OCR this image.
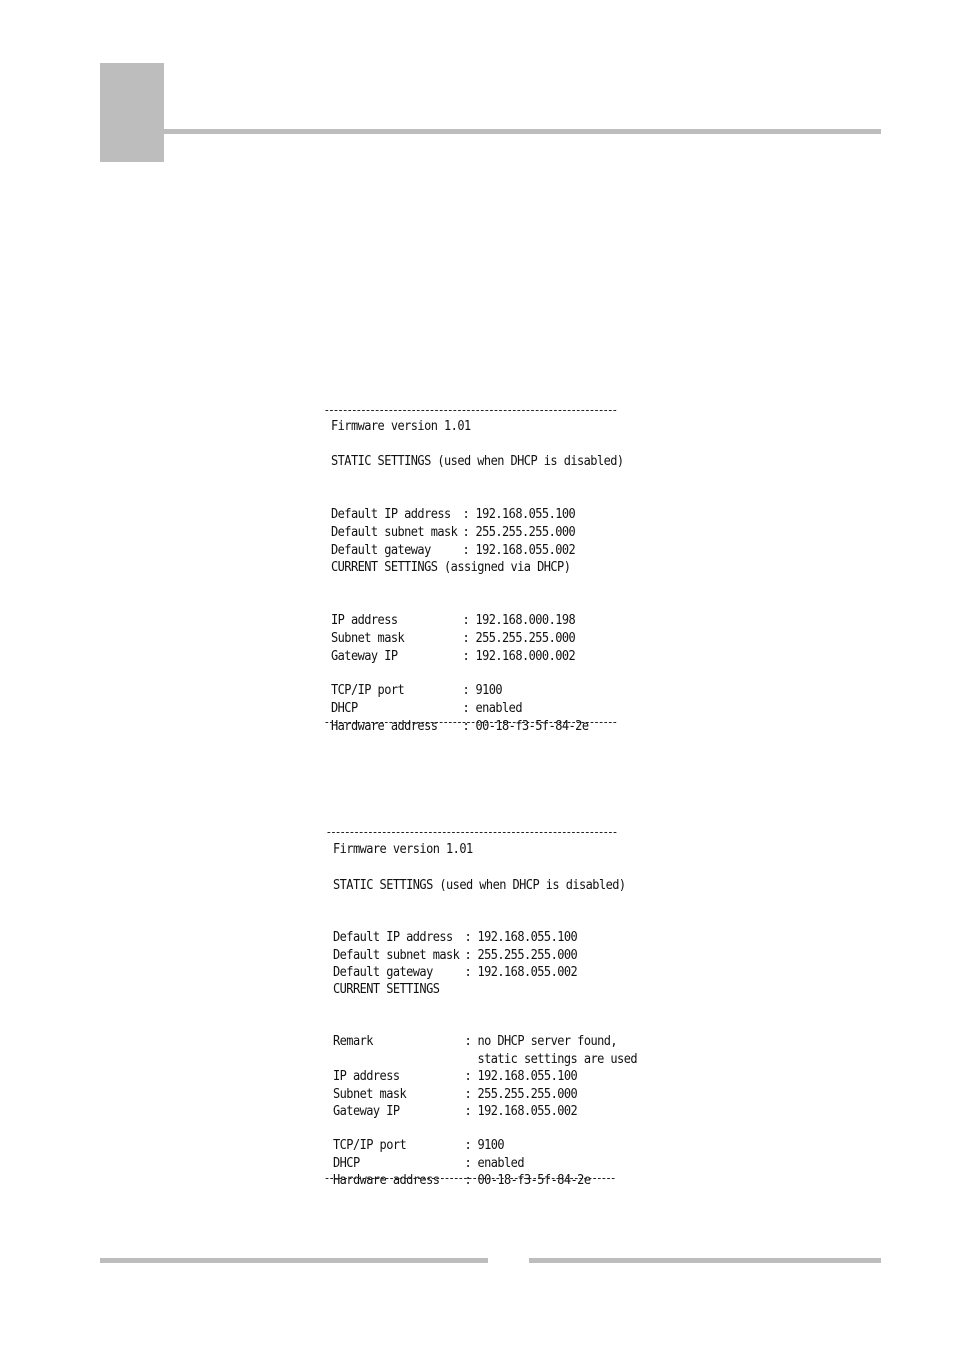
Firmware version 1.01
STATIC SETTINGS (used when DHCP is disabled)

Default IP address : 192.168.055.100

Default subnet mask : 255.255.255.000

Default gateway : 192.168.055.002

CURRENT SETTINGS (assigned via DHCP)

IP address	: 192.168.000.198

Subnet mask	: 255.255.255.000

Gateway IP	: 192.168.000.002

TCP/IP port	: 9100

DHCP	: enabled

Hardware address : 00-18-f3-5f-84-2e

Firmware version 1.01
STATIC SETTINGS (used when DHCP is disabled)

Default IP address : 192.168.055.100

Default subnet mask : 255.255.255.000

Default gateway : 192.168.055.002

CURRENT SETTINGS

Remark	: no DHCP server found,

static settings are used

IP address	: 192.168.055.100

Subnet mask	: 255.255.255.000

Gateway IP	: 192.168.055.002

TCP/IP port	: 9100

DHCP	: enabled

Hardware address : 00-18-f3-5f-84-2e
